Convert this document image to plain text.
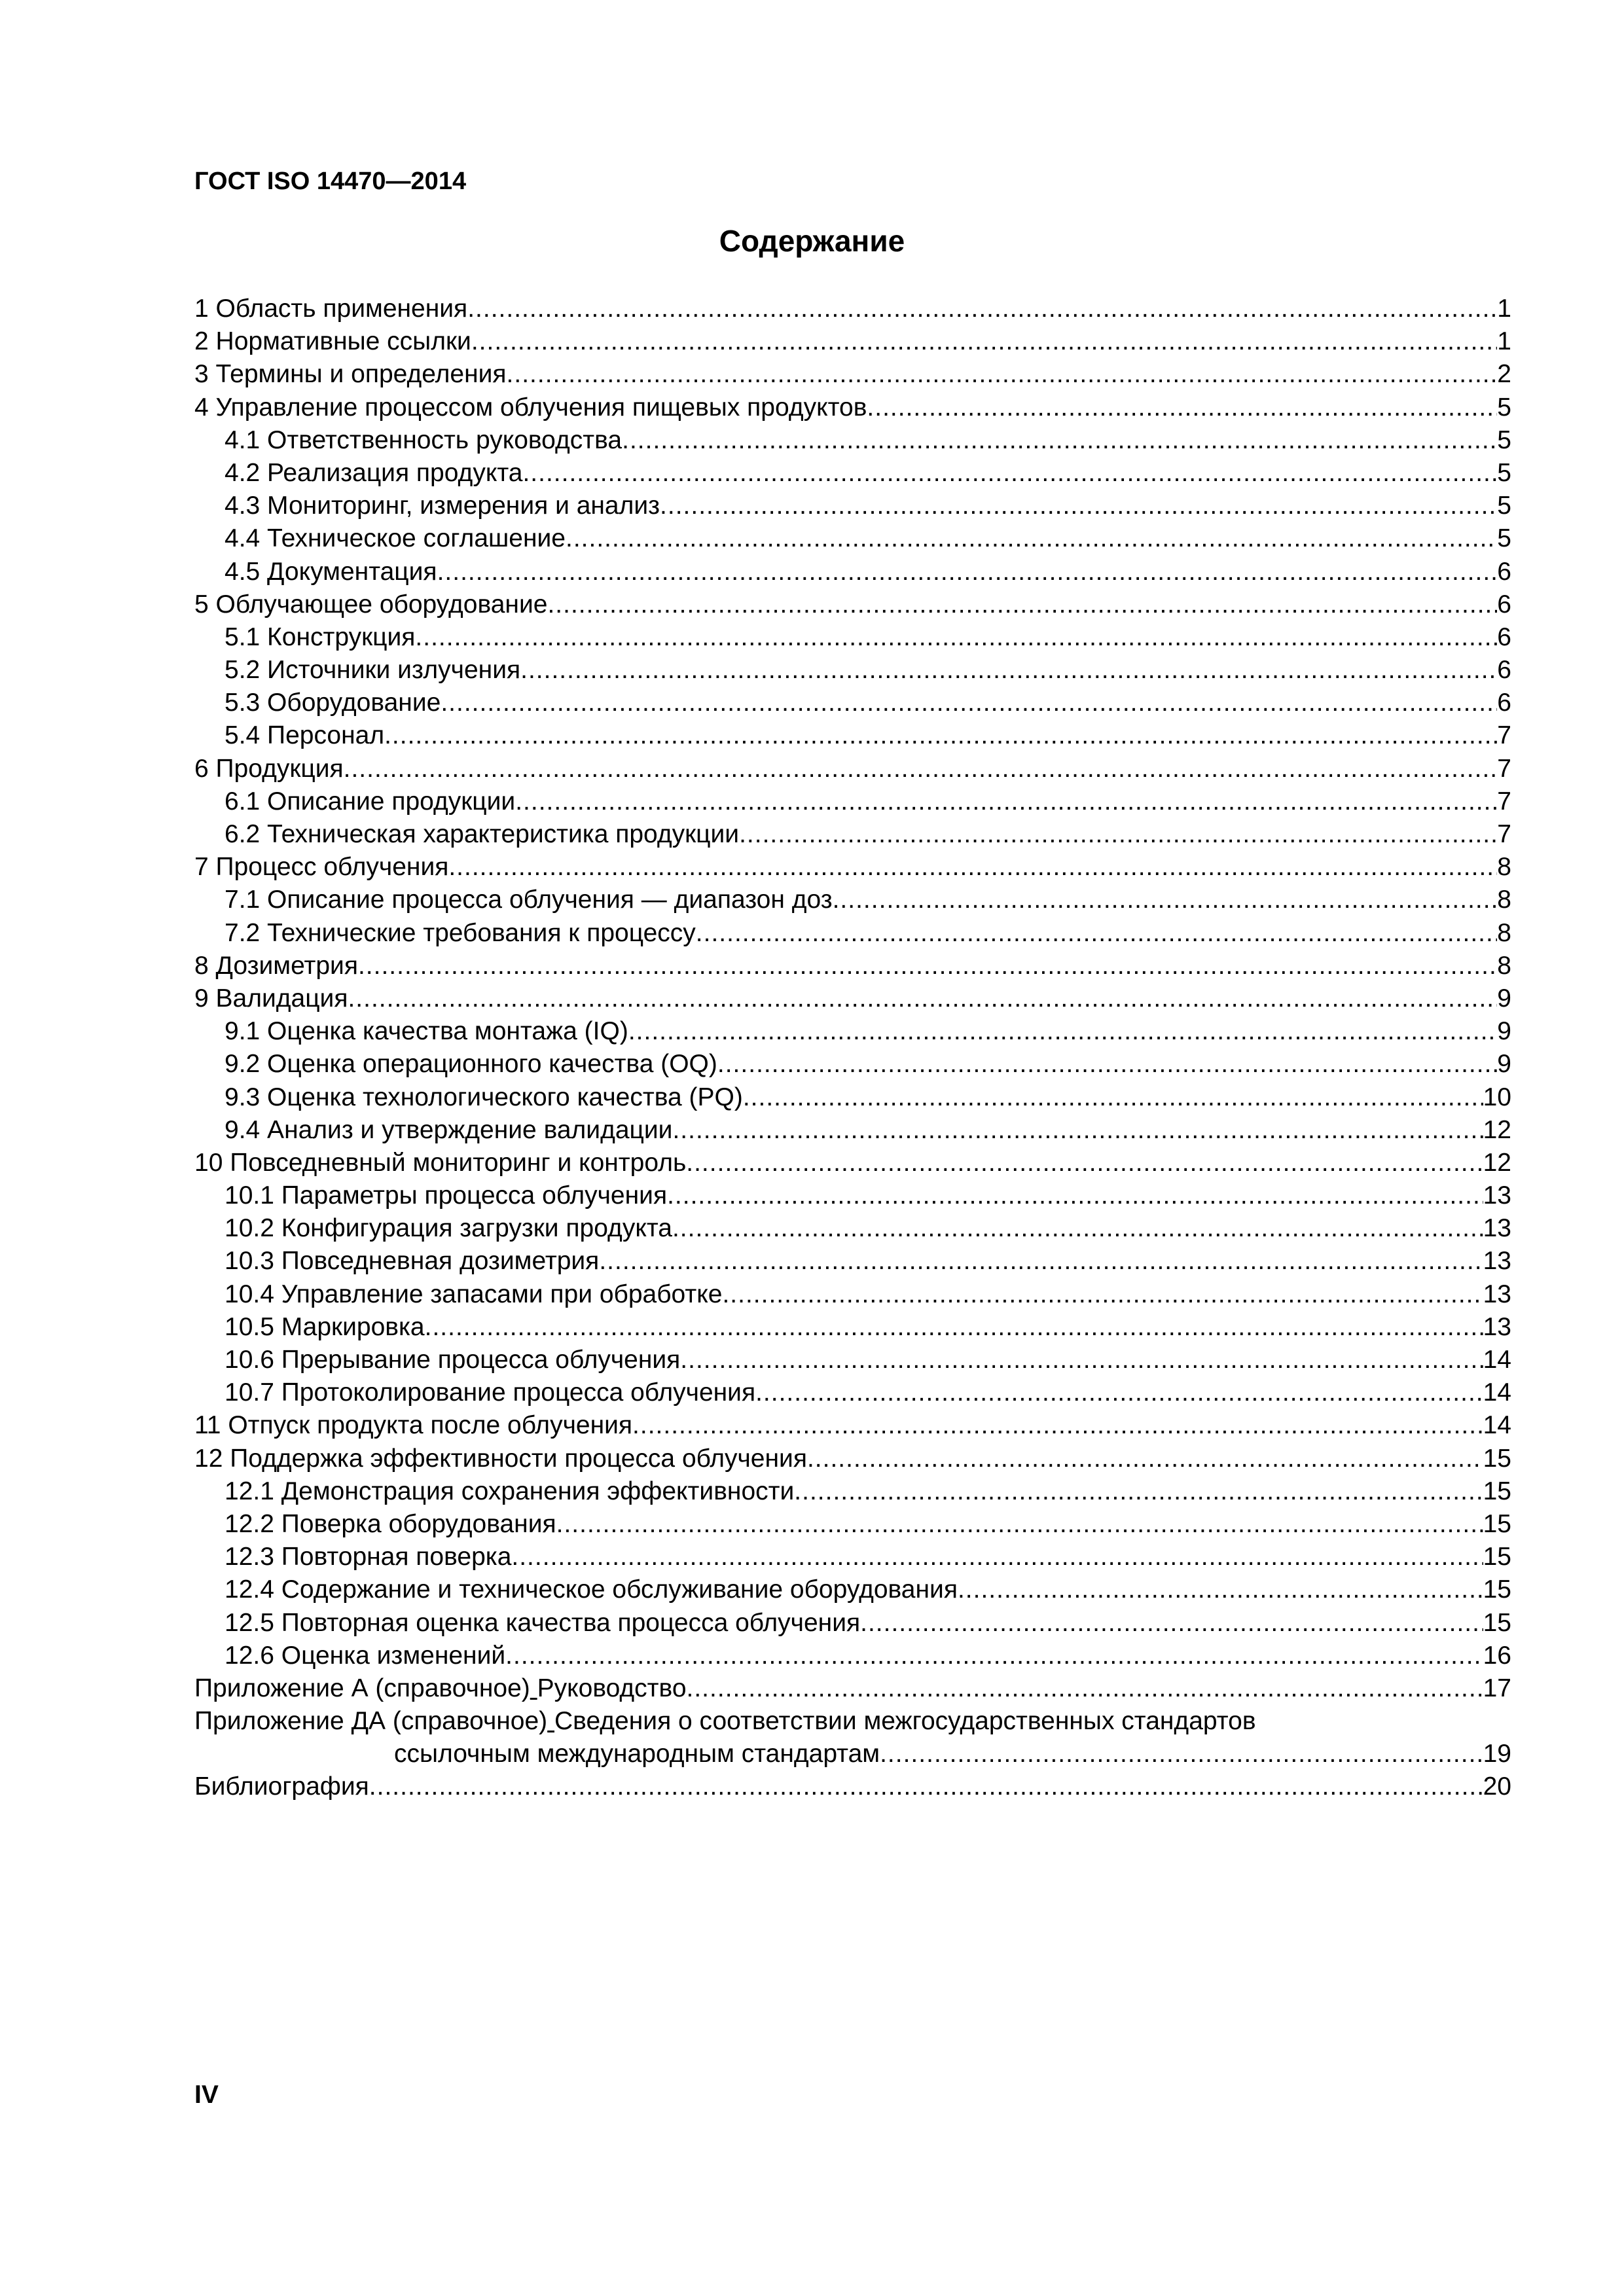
ГОСТ ISO 14470—2014
Содержание
1 Область применения .....	1
2 Нормативные ссылки .....	1
3 Термины и определения .....	2
4 Управление процессом облучения пищевых продуктов .....	5
4.1 Ответственность руководства .....	5
4.2 Реализация продукта .....	5
4.3 Мониторинг, измерения и анализ .....	5
4.4 Техническое соглашение .....	5
4.5 Документация .....	6
5 Облучающее оборудование .....	6
5.1 Конструкция .....	6
5.2 Источники излучения .....	6
5.3 Оборудование .....	6
5.4 Персонал .....	7
6 Продукция .....	7
6.1 Описание продукции .....	7
6.2 Техническая характеристика продукции .....	7
7 Процесс облучения .....	8
7.1 Описание процесса облучения — диапазон доз .....	8
7.2 Технические требования к процессу .....	8
8 Дозиметрия .....	8
9 Валидация .....	9
9.1 Оценка качества монтажа (IQ) .....	9
9.2 Оценка операционного качества (OQ) .....	9
9.3 Оценка технологического качества (PQ) .....	10
9.4 Анализ и утверждение валидации .....	12
10 Повседневный мониторинг и контроль .....	12
10.1 Параметры процесса облучения .....	13
10.2 Конфигурация загрузки продукта .....	13
10.3 Повседневная дозиметрия .....	13
10.4 Управление запасами при обработке .....	13
10.5 Маркировка .....	13
10.6 Прерывание процесса облучения .....	14
10.7 Протоколирование процесса облучения .....	14
11 Отпуск продукта после облучения .....	14
12 Поддержка эффективности процесса облучения .....	15
12.1 Демонстрация сохранения эффективности .....	15
12.2 Поверка оборудования .....	15
12.3 Повторная поверка .....	15
12.4 Содержание и техническое обслуживание оборудования .....	15
12.5 Повторная оценка качества процесса облучения .....	15
12.6 Оценка изменений .....	16
Приложение А (справочное) Руководство .....	17
Приложение ДА (справочное) Сведения о соответствии межгосударственных стандартов
ссылочным международным стандартам .....	19
Библиография .....	20
IV
